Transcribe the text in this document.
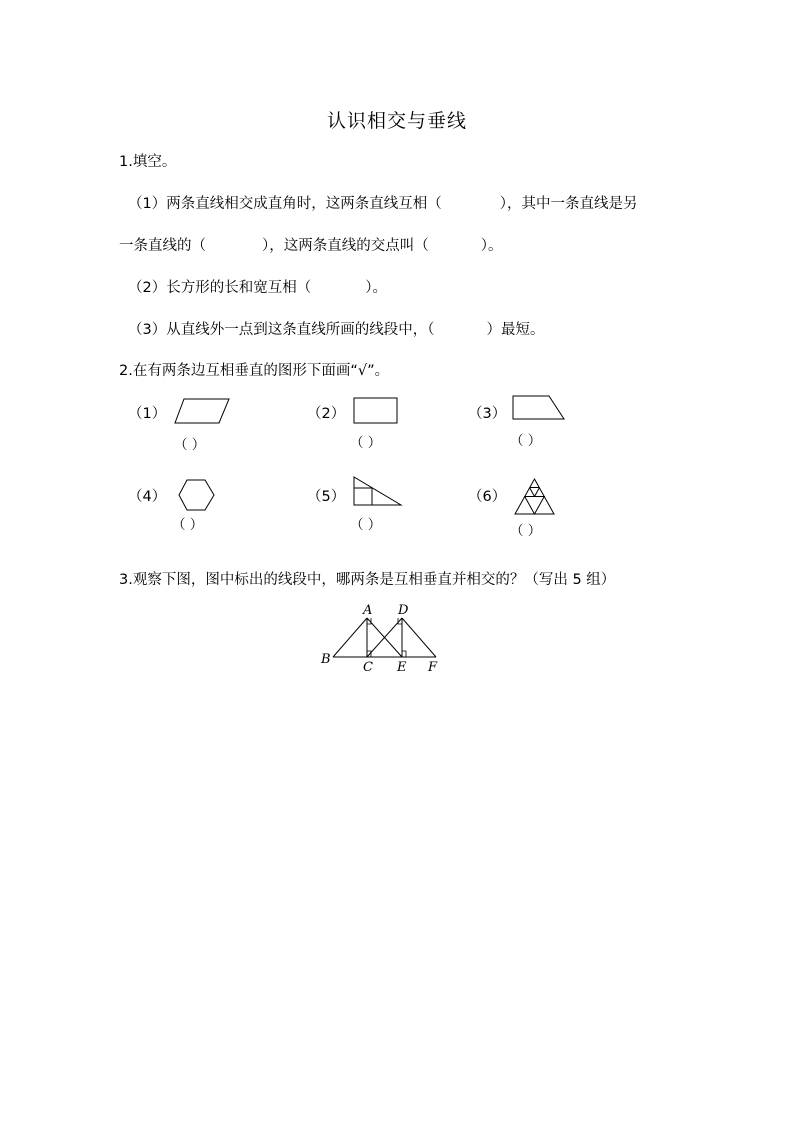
认识相交与垂线
1.填空。
（1）两条直线相交成直角时，这两条直线互相（	），其中一条直线是另
一条直线的（	），这两条直线的交点叫（	）。
（2）长方形的长和宽互相（	）。
（3）从直线外一点到这条直线所画的线段中，（	）最短。
2.在有两条边互相垂直的图形下面画“√”。
（1）
（ ）
（2）
（ ）
（3）
（ ）
（4）
（ ）
（5）
（ ）
（6）
（ ）
3.观察下图，图中标出的线段中，哪两条是互相垂直并相交的？（写出 5 组）
A D
B
C E F
